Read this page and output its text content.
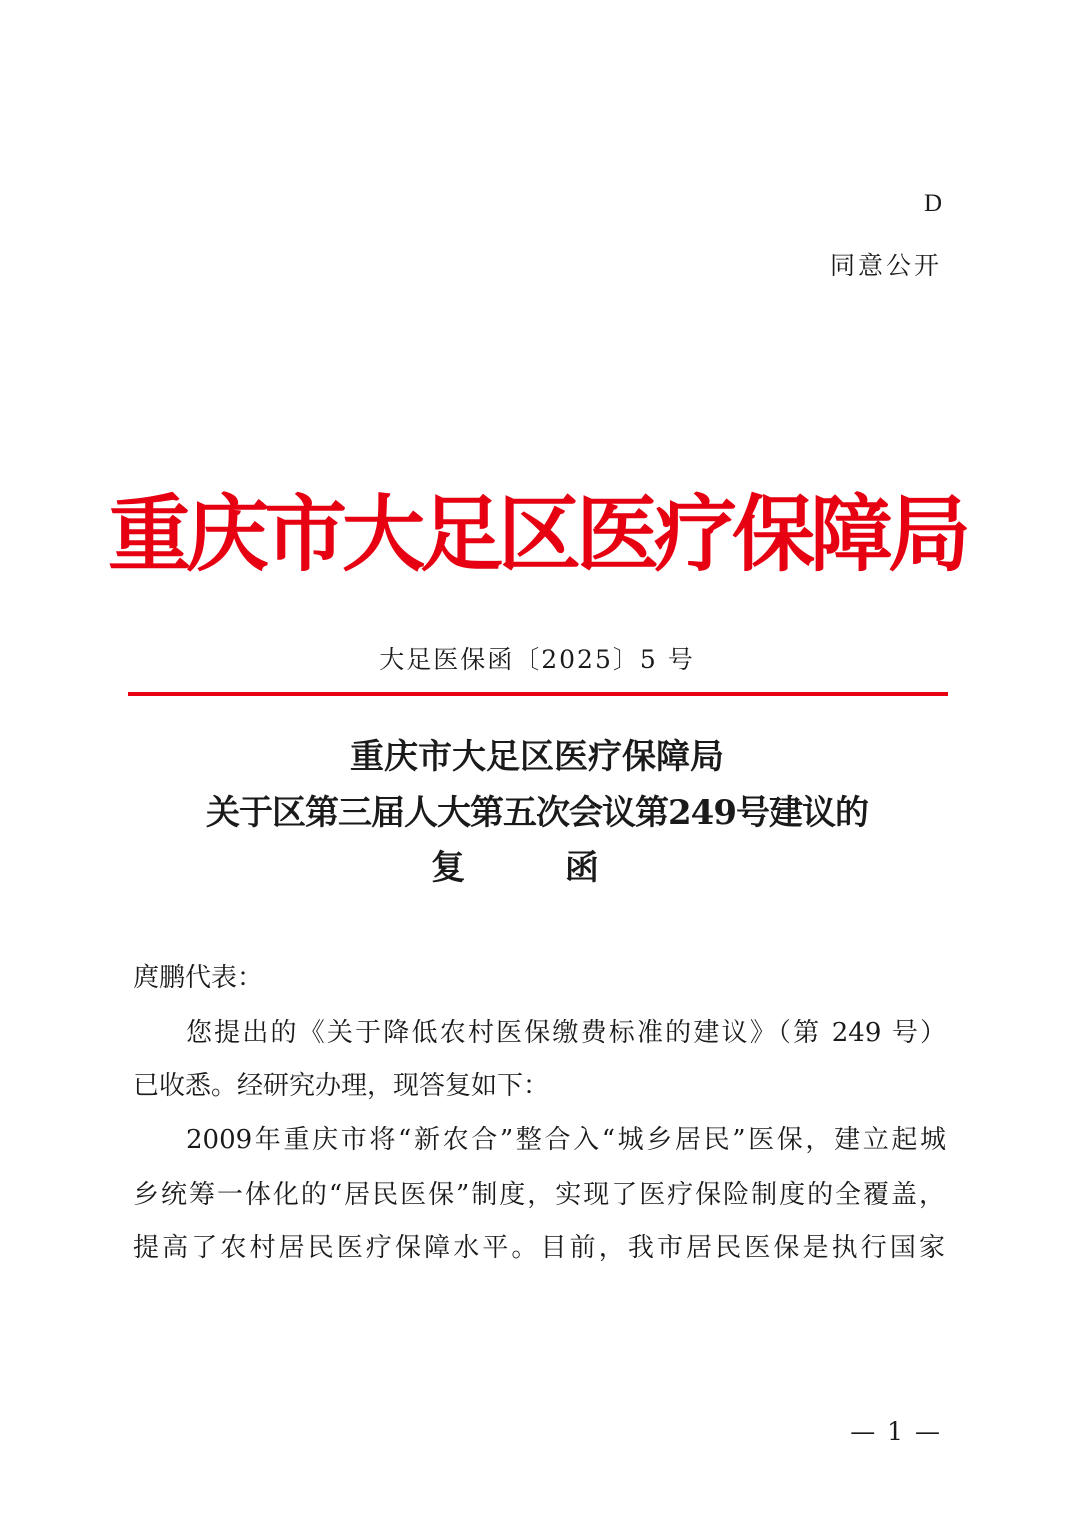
D
同意公开
重庆市大足区医疗保障局
大足医保函〔2025〕5 号
重庆市大足区医疗保障局
关于区第三届人大第五次会议第249号建议的
复 函
庹鹏代表：
您提出的《关于降低农村医保缴费标准的建议》（第 249 号）
已收悉。经研究办理，现答复如下：
2009年重庆市将“新农合”整合入“城乡居民”医保，建立起城
乡统筹一体化的“居民医保”制度，实现了医疗保险制度的全覆盖，
提高了农村居民医疗保障水平。目前，我市居民医保是执行国家
— 1 —
